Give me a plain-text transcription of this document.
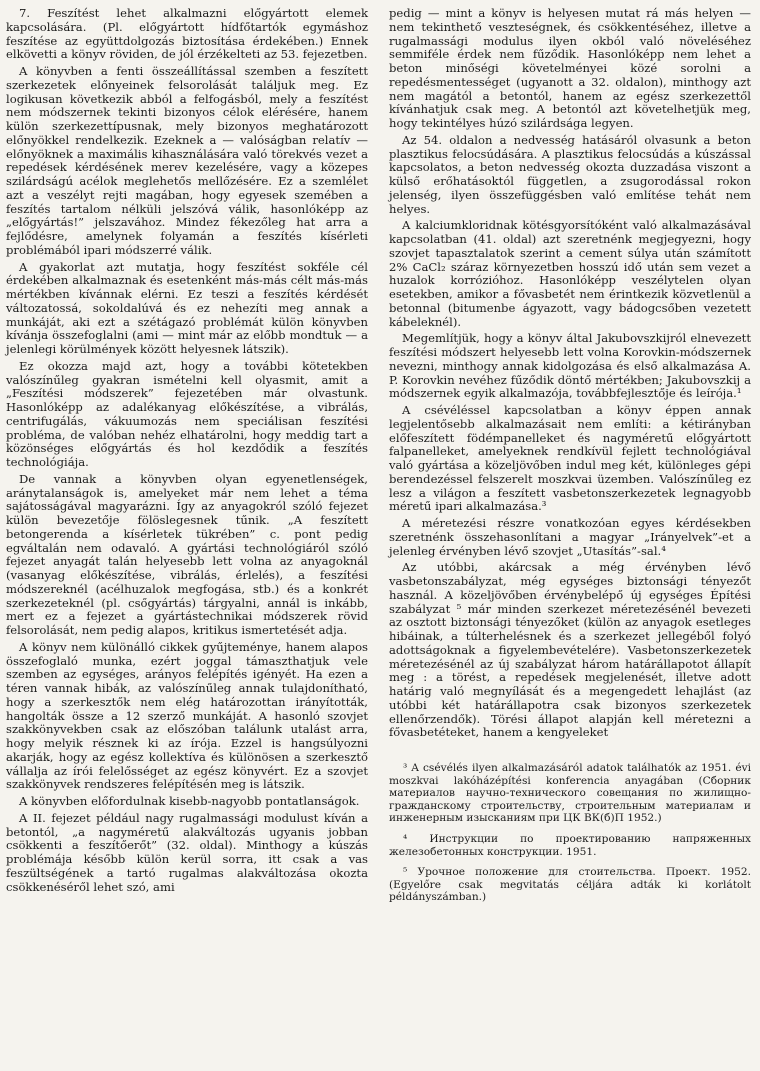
7. Feszítést lehet alkalmazni előgyártott elemek kapcsolására. (Pl. előgyártott hídfőtartók egymáshoz feszítése az együttdolgozás biztosítása érdekében.) Ennek elkövetti a könyv röviden, de jól érzékelteti az 53. fejezetben.

A könyvben a fenti összeállítással szemben a feszített szerkezetek előnyeinek felsorolását találjuk meg. Ez logikusan következik abból a felfogásból, mely a feszítést nem módszernek tekinti bizonyos célok elérésére, hanem külön szerkezettípusnak, mely bizonyos meghatározott előnyökkel rendelkezik. Ezeknek a — valóságban relatív — előnyöknek a maximális kihasználására való törekvés vezet a repedések kérdésének merev kezelésére, vagy a közepes szilárdságú acélok meglehetős mellőzésére. Ez a szemlélet azt a veszélyt rejti magában, hogy egyesek szemében a feszítés tartalom nélküli jelszóvá válik, hasonlóképp az „előgyártás!” jelszavához. Mindez fékezőleg hat arra a fejlődésre, amelynek folyamán a feszítés kísérleti problémából ipari módszerré válik.

A gyakorlat azt mutatja, hogy feszítést sokféle cél érdekében alkalmaznak és esetenként más-más célt más-más mértékben kívánnak elérni. Ez teszi a feszítés kérdését változatossá, sokoldalúvá és ez nehezíti meg annak a munkáját, aki ezt a szétágazó problémát külön könyvben kívánja összefoglalni (ami — mint már az előbb mondtuk — a jelenlegi körülmények között helyesnek látszik).

Ez okozza majd azt, hogy a további kötetekben valószínűleg gyakran ismételni kell olyasmit, amit a „Feszítési módszerek” fejezetében már olvastunk. Hasonlóképp az adalékanyag előkészítése, a vibrálás, centrifugálás, vákuumozás nem speciálisan feszítési probléma, de valóban nehéz elhatárolni, hogy meddig tart a közönséges előgyártás és hol kezdődik a feszítés technológiája.

De vannak a könyvben olyan egyenetlenségek, aránytalanságok is, amelyeket már nem lehet a téma sajátosságával magyarázni. Így az anyagokról szóló fejezet külön bevezetője fölöslegesnek tűnik. „A feszített betongerenda a kísérletek tükrében” c. pont pedig egváltalán nem odavaló. A gyártási technológiáról szóló fejezet anyagát talán helyesebb lett volna az anyagoknál (vasanyag előkészítése, vibrálás, érlelés), a feszítési módszereknél (acélhuzalok megfogása, stb.) és a konkrét szerkezeteknél (pl. csőgyártás) tárgyalni, annál is inkább, mert ez a fejezet a gyártástechnikai módszerek rövid felsorolását, nem pedig alapos, kritikus ismertetését adja.

A könyv nem különálló cikkek gyűjteménye, hanem alapos összefoglaló munka, ezért joggal támaszthatjuk vele szemben az egységes, arányos felépítés igényét. Ha ezen a téren vannak hibák, az valószínűleg annak tulajdonítható, hogy a szerkesztők nem elég határozottan irányították, hangolták össze a 12 szerző munkáját. A hasonló szovjet szakkönyvekben csak az előszóban találunk utalást arra, hogy melyik résznek ki az írója. Ezzel is hangsúlyozni akarják, hogy az egész kollektíva és különösen a szerkesztő vállalja az írói felelősséget az egész könyvért. Ez a szovjet szakkönyvek rendszeres felépítésén meg is látszik.

A könyvben előfordulnak kisebb-nagyobb pontatlanságok.

A II. fejezet például nagy rugalmassági modulust kíván a betontól, „a nagyméretű alakváltozás ugyanis jobban csökkenti a feszítőerőt” (32. oldal). Minthogy a kúszás problémája később külön kerül sorra, itt csak a vas feszültségének a tartó rugalmas alakváltozása okozta csökkenéséről lehet szó, ami

pedig — mint a könyv is helyesen mutat rá más helyen — nem tekinthető veszteségnek, és csökkentéséhez, illetve a rugalmassági modulus ilyen okból való növeléséhez semmiféle érdek nem fűződik. Hasonlóképp nem lehet a beton minőségi követelményei közé sorolni a repedésmentességet (ugyanott a 32. oldalon), minthogy azt nem magától a betontól, hanem az egész szerkezettől kívánhatjuk csak meg. A betontól azt követelhetjük meg, hogy tekintélyes húzó szilárdsága legyen.

Az 54. oldalon a nedvesség hatásáról olvasunk a beton plasztikus felocsúdására. A plasztikus felocsúdás a kúszással kapcsolatos, a beton nedvesség okozta duzzadása viszont a külső erőhatásoktól független, a zsugorodással rokon jelenség, ilyen összefüggésben való említése tehát nem helyes.

A kalciumkloridnak kötésgyorsítóként való alkalmazásával kapcsolatban (41. oldal) azt szeretnénk megjegyezni, hogy szovjet tapasztalatok szerint a cement súlya után számított 2% CaCl₂ száraz környezetben hosszú idő után sem vezet a huzalok korrózióhoz. Hasonlóképp veszélytelen olyan esetekben, amikor a fővasbetét nem érintkezik közvetlenül a betonnal (bitumenbe ágyazott, vagy bádogcsőben vezetett kábeleknél).

Megemlítjük, hogy a könyv által Jakubovszkijról elnevezett feszítési módszert helyesebb lett volna Korovkin-módszernek nevezni, minthogy annak kidolgozása és első alkalmazása A. P. Korovkin nevéhez fűződik döntő mértékben; Jakubovszkij a módszernek egyik alkalmazója, továbbfejlesztője és leírója.¹

A csévéléssel kapcsolatban a könyv éppen annak legjelentősebb alkalmazásait nem említi: a kétirányban előfeszített födémpanelleket és nagyméretű előgyártott falpanelleket, amelyeknek rendkívül fejlett technológiával való gyártása a közeljövőben indul meg két, különleges gépi berendezéssel felszerelt moszkvai üzemben. Valószínűleg ez lesz a világon a feszített vasbetonszerkezetek legnagyobb méretű ipari alkalmazása.³

A méretezési részre vonatkozóan egyes kérdésekben szeretnénk összehasonlítani a magyar „Irányelvek”-et a jelenleg érvényben lévő szovjet „Utasítás”-sal.⁴

Az utóbbi, akárcsak a még érvényben lévő vasbetonszabályzat, még egységes biztonsági tényezőt használ. A közeljövőben érvénybelépő új egységes Építési szabályzat ⁵ már minden szerkezet méretezésénél bevezeti az osztott biztonsági tényezőket (külön az anyagok esetleges hibáinak, a túlterhelésnek és a szerkezet jellegéből folyó adottságoknak a figyelembevételére). Vasbetonszerkezetek méretezésénél az új szabályzat három határállapotot állapít meg : a törést, a repedések megjelenését, illetve adott határig való megnyílását és a megengedett lehajlást (az utóbbi két határállapotra csak bizonyos szerkezetek ellenőrzendők). Törési állapot alapján kell méretezni a fővasbetéteket, hanem a kengyeleket

³ A csévélés ilyen alkalmazásáról adatok találhatók az 1951. évi moszkvai lakóházépítési konferencia anyagában (Сборник материалов научно-технического совещания по жилищно-гражданскому строительству, строительным материалам и инженерным изысканиям при ЦК ВК(б)П 1952.)

⁴ Инструкции по проектированию напряженных железобетонных конструкции. 1951.

⁵ Урочное положение для стоительства. Проект. 1952. (Egyelőre csak megvitatás céljára adták ki korlátolt példányszámban.)
